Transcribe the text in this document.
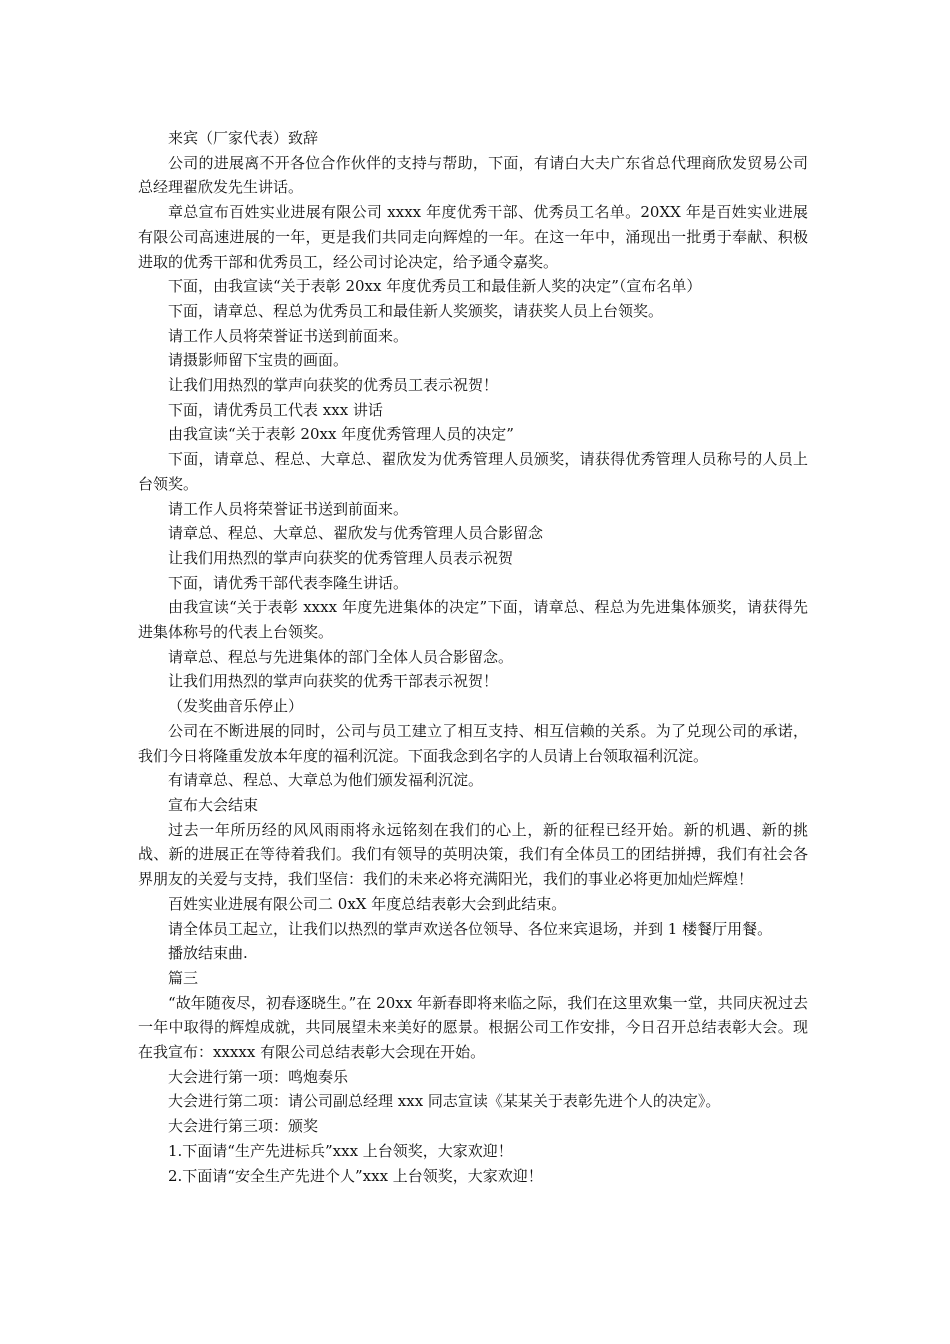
来宾（厂家代表）致辞

公司的进展离不开各位合作伙伴的支持与帮助，下面，有请白大夫广东省总代理商欣发贸易公司总经理翟欣发先生讲话。

章总宣布百姓实业进展有限公司 xxxx 年度优秀干部、优秀员工名单。20XX 年是百姓实业进展有限公司高速进展的一年，更是我们共同走向辉煌的一年。在这一年中，涌现出一批勇于奉献、积极进取的优秀干部和优秀员工，经公司讨论决定，给予通令嘉奖。

下面，由我宣读“关于表彰 20xx 年度优秀员工和最佳新人奖的决定”（宣布名单）

下面，请章总、程总为优秀员工和最佳新人奖颁奖，请获奖人员上台领奖。

请工作人员将荣誉证书送到前面来。

请摄影师留下宝贵的画面。

让我们用热烈的掌声向获奖的优秀员工表示祝贺！

下面，请优秀员工代表 xxx 讲话

由我宣读“关于表彰 20xx 年度优秀管理人员的决定”

下面，请章总、程总、大章总、翟欣发为优秀管理人员颁奖，请获得优秀管理人员称号的人员上台领奖。

请工作人员将荣誉证书送到前面来。

请章总、程总、大章总、翟欣发与优秀管理人员合影留念

让我们用热烈的掌声向获奖的优秀管理人员表示祝贺

下面，请优秀干部代表李隆生讲话。

由我宣读“关于表彰 xxxx 年度先进集体的决定”下面，请章总、程总为先进集体颁奖，请获得先进集体称号的代表上台领奖。

请章总、程总与先进集体的部门全体人员合影留念。

让我们用热烈的掌声向获奖的优秀干部表示祝贺！

（发奖曲音乐停止）

公司在不断进展的同时，公司与员工建立了相互支持、相互信赖的关系。为了兑现公司的承诺，我们今日将隆重发放本年度的福利沉淀。下面我念到名字的人员请上台领取福利沉淀。

有请章总、程总、大章总为他们颁发福利沉淀。

宣布大会结束

过去一年所历经的风风雨雨将永远铭刻在我们的心上，新的征程已经开始。新的机遇、新的挑战、新的进展正在等待着我们。我们有领导的英明决策，我们有全体员工的团结拼搏，我们有社会各界朋友的关爱与支持，我们坚信：我们的未来必将充满阳光，我们的事业必将更加灿烂辉煌！

百姓实业进展有限公司二 0xX 年度总结表彰大会到此结束。

请全体员工起立，让我们以热烈的掌声欢送各位领导、各位来宾退场，并到 1 楼餐厅用餐。

播放结束曲.

篇三

“故年随夜尽，初春逐晓生。”在 20xx 年新春即将来临之际，我们在这里欢集一堂，共同庆祝过去一年中取得的辉煌成就，共同展望未来美好的愿景。根据公司工作安排，今日召开总结表彰大会。现在我宣布：xxxxx 有限公司总结表彰大会现在开始。

大会进行第一项：鸣炮奏乐

大会进行第二项：请公司副总经理 xxx 同志宣读《某某关于表彰先进个人的决定》。

大会进行第三项：颁奖

1.下面请“生产先进标兵”xxx 上台领奖，大家欢迎！

2.下面请“安全生产先进个人”xxx 上台领奖，大家欢迎！
